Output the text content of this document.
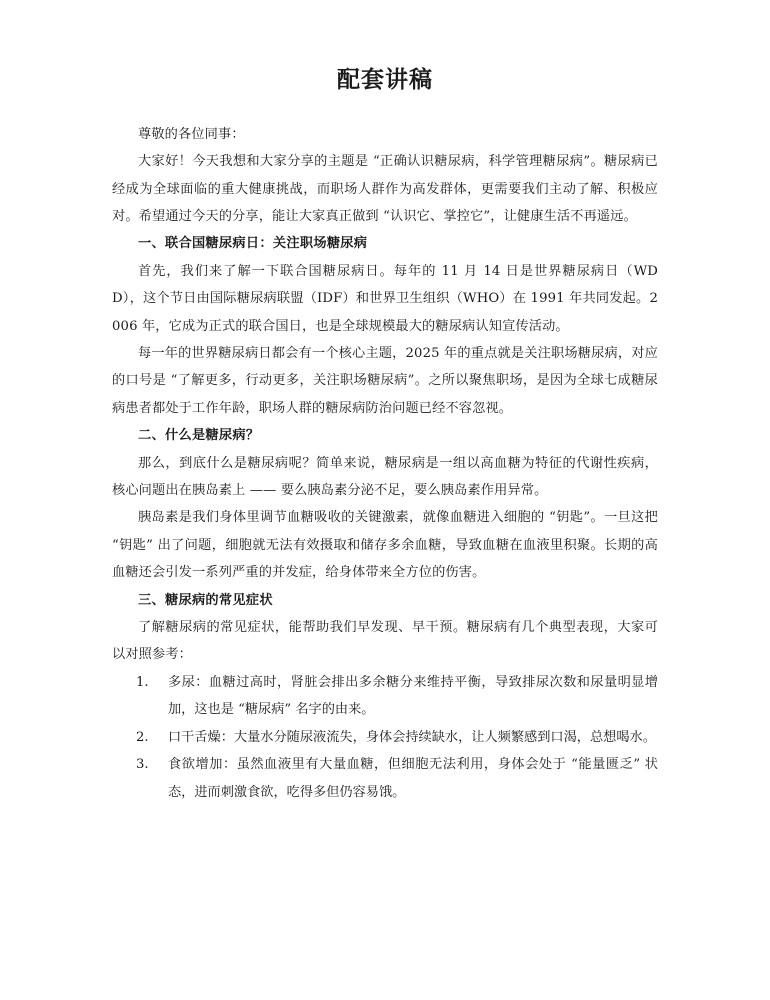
配套讲稿

尊敬的各位同事：

大家好！今天我想和大家分享的主题是 “正确认识糖尿病，科学管理糖尿病”。糖尿病已经成为全球面临的重大健康挑战，而职场人群作为高发群体，更需要我们主动了解、积极应对。希望通过今天的分享，能让大家真正做到 “认识它、掌控它”，让健康生活不再遥远。

一、联合国糖尿病日：关注职场糖尿病

首先，我们来了解一下联合国糖尿病日。每年的 11 月 14 日是世界糖尿病日（WDD），这个节日由国际糖尿病联盟（IDF）和世界卫生组织（WHO）在 1991 年共同发起。2006 年，它成为正式的联合国日，也是全球规模最大的糖尿病认知宣传活动。

每一年的世界糖尿病日都会有一个核心主题，2025 年的重点就是关注职场糖尿病，对应的口号是 “了解更多，行动更多，关注职场糖尿病”。之所以聚焦职场，是因为全球七成糖尿病患者都处于工作年龄，职场人群的糖尿病防治问题已经不容忽视。

二、什么是糖尿病？

那么，到底什么是糖尿病呢？简单来说，糖尿病是一组以高血糖为特征的代谢性疾病，核心问题出在胰岛素上 —— 要么胰岛素分泌不足，要么胰岛素作用异常。

胰岛素是我们身体里调节血糖吸收的关键激素，就像血糖进入细胞的 “钥匙”。一旦这把 “钥匙” 出了问题，细胞就无法有效摄取和储存多余血糖，导致血糖在血液里积聚。长期的高血糖还会引发一系列严重的并发症，给身体带来全方位的伤害。

三、糖尿病的常见症状

了解糖尿病的常见症状，能帮助我们早发现、早干预。糖尿病有几个典型表现，大家可以对照参考：

1.	多尿：血糖过高时，肾脏会排出多余糖分来维持平衡，导致排尿次数和尿量明显增加，这也是 “糖尿病” 名字的由来。
2.	口干舌燥：大量水分随尿液流失，身体会持续缺水，让人频繁感到口渴，总想喝水。
3.	食欲增加：虽然血液里有大量血糖，但细胞无法利用，身体会处于 “能量匮乏” 状态，进而刺激食欲，吃得多但仍容易饿。
